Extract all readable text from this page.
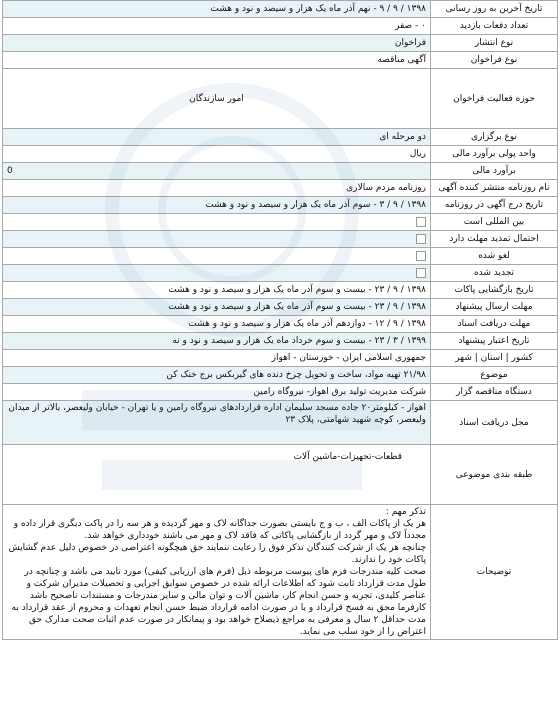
تاریخ آخرین به روز رسانی	۱۳۹۸ / ۹ / ۹ - نهم آذر ماه یک هزار و سیصد و نود و هشت
تعداد دفعات بازدید	۰ - صفر
نوع انتشار	فراخوان
نوع فراخوان	آگهی مناقصه
حوزه فعالیت فراخوان	امور سازندگان
نوع برگزاری	دو مرحله ای
واحد پولی برآورد مالی	ریال
برآورد مالی	0
نام روزنامه منتشر کننده آگهی	روزنامه مردم سالاری
تاریخ درج آگهی در روزنامه	۱۳۹۸ / ۹ / ۳ - سوم آذر ماه یک هزار و سیصد و نود و هشت
بین المللی است	
احتمال تمدید مهلت دارد	
لغو شده	
تجدید شده	
تاریخ بازگشایی پاکات	۱۳۹۸ / ۹ / ۲۳ - بیست و سوم آذر ماه یک هزار و سیصد و نود و هشت
مهلت ارسال پیشنهاد	۱۳۹۸ / ۹ / ۲۳ - بیست و سوم آذر ماه یک هزار و سیصد و نود و هشت
مهلت دریافت اسناد	۱۳۹۸ / ۹ / ۱۲ - دوازدهم آذر ماه یک هزار و سیصد و نود و هشت
تاریخ اعتبار پیشنهاد	۱۳۹۹ / ۳ / ۲۳ - بیست و سوم خرداد ماه یک هزار و سیصد و نود و نه
کشور | استان | شهر	جمهوری اسلامی ایران - خوزستان - اهواز
موضوع	۲۱/۹۸ تهیه مواد، ساخت و تحویل چرخ دنده های گیربکس برج خنک کن
دستگاه مناقصه گزار	شرکت مدیریت تولید برق اهواز- نیروگاه رامین
محل دریافت اسناد	اهواز - کیلومتر۲۰ جاده مسجد سلیمان اداره قراردادهای نیروگاه رامین و یا تهران - خیابان ولیعصر، بالاتر از میدان ولیعصر، کوچه شهید شهامتی، پلاک ۲۳
طبقه بندی موضوعی	قطعات-تجهیزات-ماشین آلات
توضیحات	تذکر مهم :

هر یک از پاکات الف ، ب و ج بایستی بصورت جداگانه لاک و مهر گردیده و هر سه را در پاکت دیگری قرار داده و مجدداً لاک و مهر گردد از بازگشایی پاکاتی که فاقد لاک و مهر می باشند خودداری خواهد شد.

چنانچه هر یک از شرکت کنندگان تذکر فوق را رعایت ننمایند حق هیچگونه اعتراضی در خصوص دلیل عدم گشایش پاکات خود را ندارند.

صحت کلیه مندرجات فرم های پیوست مربوطه ذیل (فرم های ارزیابی کیفی) مورد تایید می باشد و چنانچه در طول مدت قرارداد ثابت شود که اطلاعات ارائه شده در خصوص سوابق اجرایی و تحصیلات مدیران شرکت و عناصر کلیدی، تجربه و حسن انجام کار، ماشین آلات و توان مالی و سایر مندرجات و مستندات ناصحیح باشد کارفرما محق به فسخ قرارداد و یا در صورت ادامه قرارداد ضبط حسن انجام تعهدات و محروم از عقد قرارداد به مدت حداقل ۲ سال و معرفی به مراجع ذیصلاح خواهد بود و پیمانکار در صورت عدم اثبات صحت مدارک حق اعتراض را از خود سلب می نماید.
